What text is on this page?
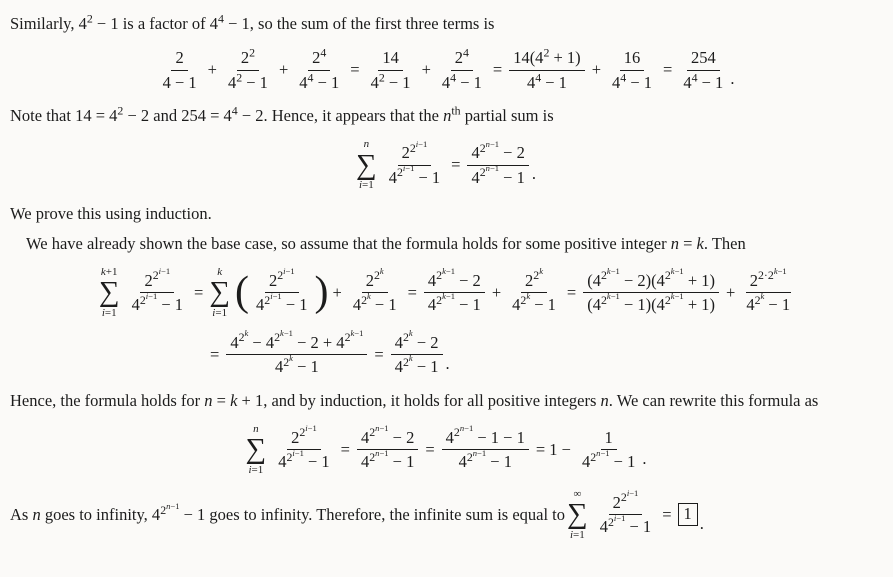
Similarly, $4^2 - 1$ is a factor of $4^4 - 1$, so the sum of the first three terms is

$\frac{2}{4 - 1} + \frac{2^2}{4^2 - 1} + \frac{2^4}{4^4 - 1} = \frac{14}{4^2 - 1} + \frac{2^4}{4^4 - 1} = \frac{14(4^2 + 1)}{4^4 - 1} + \frac{16}{4^4 - 1} = \frac{254}{4^4 - 1}$ .

Note that $14 = 4^2 - 2$ and $254 = 4^4 - 2$. Hence, it appears that the $n^{th}$ partial sum is

n
∑
$i=1 \frac{2^{2^{i-1}}}{4^{2^{i-1}} - 1} = \frac{4^{2^{n-1}} - 2}{4^{2^{n-1}} - 1}$ .

We prove this using induction.

We have already shown the base case, so assume that the formula holds for some positive integer n = k. Then

k+1
∑
$i=1 \frac{2^{2^{i-1}}}{4^{2^{i-1}} - 1}$ =
k
∑
i=1 ( $\frac{2^{2^{i-1}}}{4^{2^{i-1}} - 1}$ ) + $\frac{2^{2^k}}{4^{2^k} - 1} = \frac{4^{2^{k-1}} - 2}{4^{2^{k-1}} - 1} + \frac{2^{2^k}}{4^{2^k} - 1} = \frac{(4^{2^{k-1}} - 2)(4^{2^{k-1}} + 1)}{(4^{2^{k-1}} - 1)(4^{2^{k-1}} + 1)} + \frac{2^{2\cdot 2^{k-1}}}{4^{2^k} - 1}$
= $\frac{4^{2^k} - 4^{2^{k-1}} - 2 + 4^{2^{k-1}}}{4^{2^k} - 1} = \frac{4^{2^k} - 2}{4^{2^k} - 1}$ .

Hence, the formula holds for n = k + 1, and by induction, it holds for all positive integers n. We can rewrite this formula as

n
∑
$i=1 \frac{2^{2^{i-1}}}{4^{2^{i-1}} - 1} = \frac{4^{2^{n-1}} - 2}{4^{2^{n-1}} - 1} = \frac{4^{2^{n-1}} - 1 - 1}{4^{2^{n-1}} - 1} = 1 - \frac{1}{4^{2^{n-1}} - 1}$ .
As n goes to infinity, $4^{2^{n-1}} - 1$ goes to infinity. Therefore, the infinite sum is equal to
∞
∑
$i=1 \frac{2^{2^{i-1}}}{4^{2^{i-1}} - 1} = 1$ .
